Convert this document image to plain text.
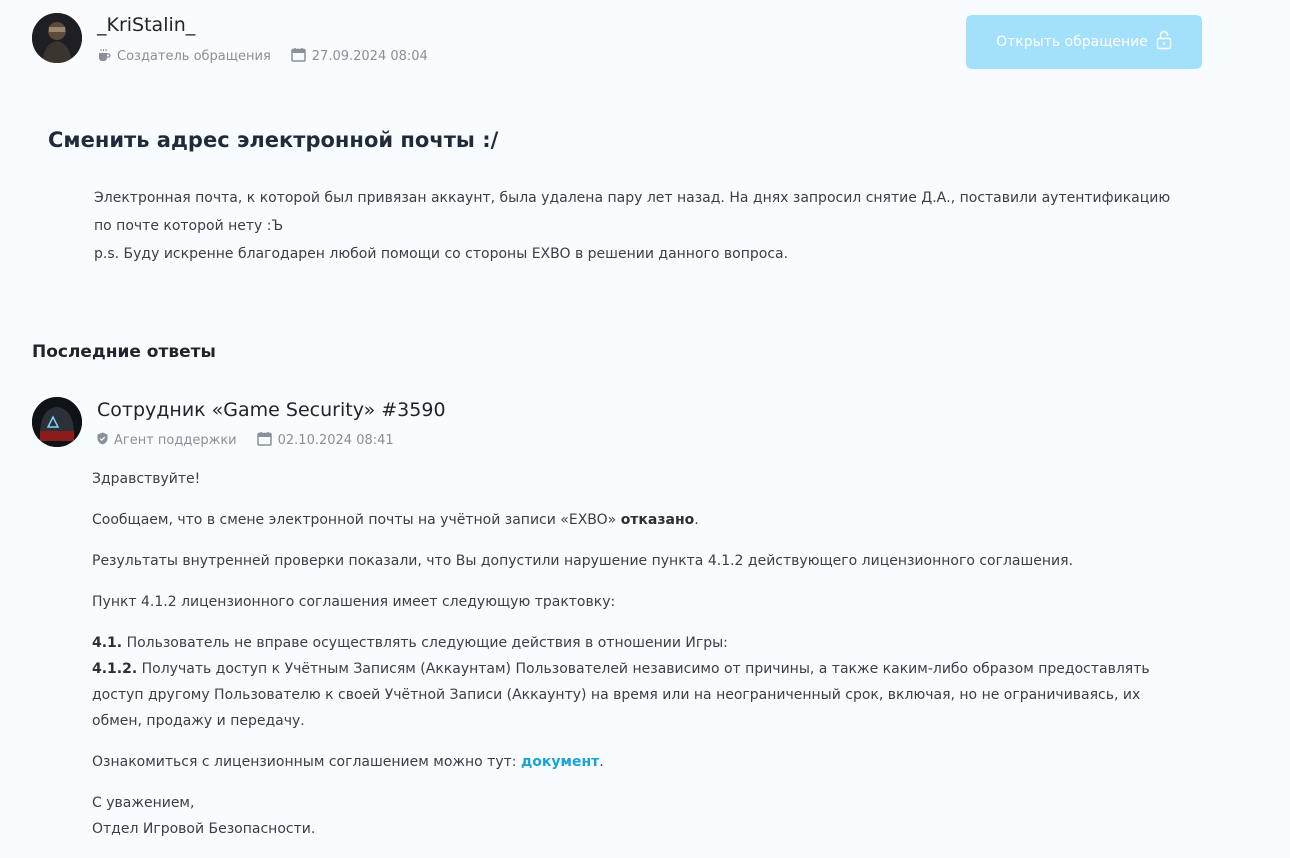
_KriStalin_
Создатель обращения	27.09.2024 08:04
Открыть обращение
Сменить адрес электронной почты :/
Электронная почта, к которой был привязан аккаунт, была удалена пару лет назад. На днях запросил снятие Д.А., поставили аутентификацию
по почте которой нету :Ъ
p.s. Буду искренне благодарен любой помощи со стороны EXBO в решении данного вопроса.
Последние ответы
Сотрудник «Game Security» #3590
Агент поддержки	02.10.2024 08:41

Здравствуйте!

Сообщаем, что в смене электронной почты на учётной записи «EXBO» отказано.

Результаты внутренней проверки показали, что Вы допустили нарушение пункта 4.1.2 действующего лицензионного соглашения.

Пункт 4.1.2 лицензионного соглашения имеет следующую трактовку:

4.1. Пользователь не вправе осуществлять следующие действия в отношении Игры:
4.1.2. Получать доступ к Учётным Записям (Аккаунтам) Пользователей независимо от причины, а также каким-либо образом предоставлять
доступ другому Пользователю к своей Учётной Записи (Аккаунту) на время или на неограниченный срок, включая, но не ограничиваясь, их
обмен, продажу и передачу.

Ознакомиться с лицензионным соглашением можно тут: документ.

С уважением,
Отдел Игровой Безопасности.
